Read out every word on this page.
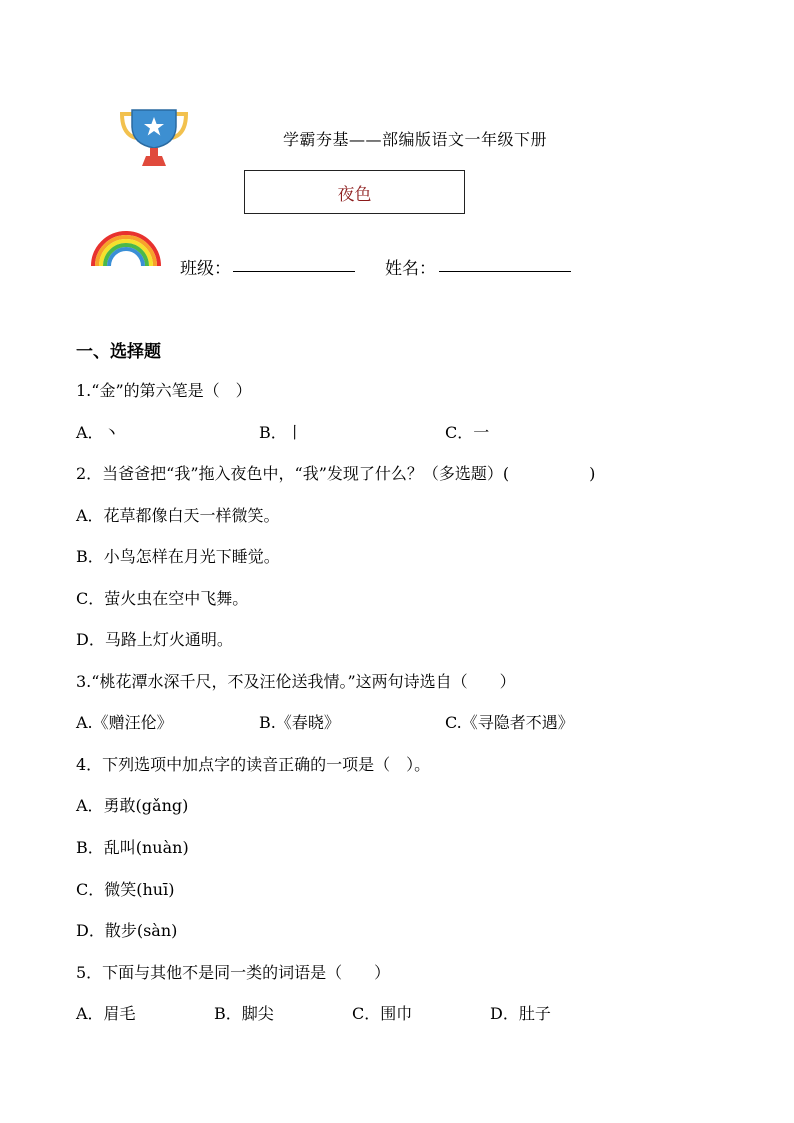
学霸夯基——部编版语文一年级下册
夜色
班级：	姓名：
一、选择题
1.“金”的第六笔是（　）
A．丶	B．丨	C．一
2．当爸爸把“我”拖入夜色中，“我”发现了什么？（多选题）(　　　　　)
A．花草都像白天一样微笑。
B．小鸟怎样在月光下睡觉。
C．萤火虫在空中飞舞。
D．马路上灯火通明。
3.“桃花潭水深千尺，不及汪伦送我情。”这两句诗选自（　　）
A.《赠汪伦》	B.《春晓》	C.《寻隐者不遇》
4．下列选项中加点字的读音正确的一项是（　）。
A．勇敢(gǎng)
B．乱叫(nuàn)
C．微笑(huī)
D．散步(sàn)
5．下面与其他不是同一类的词语是（　　）
A．眉毛	B．脚尖	C．围巾	D．肚子
